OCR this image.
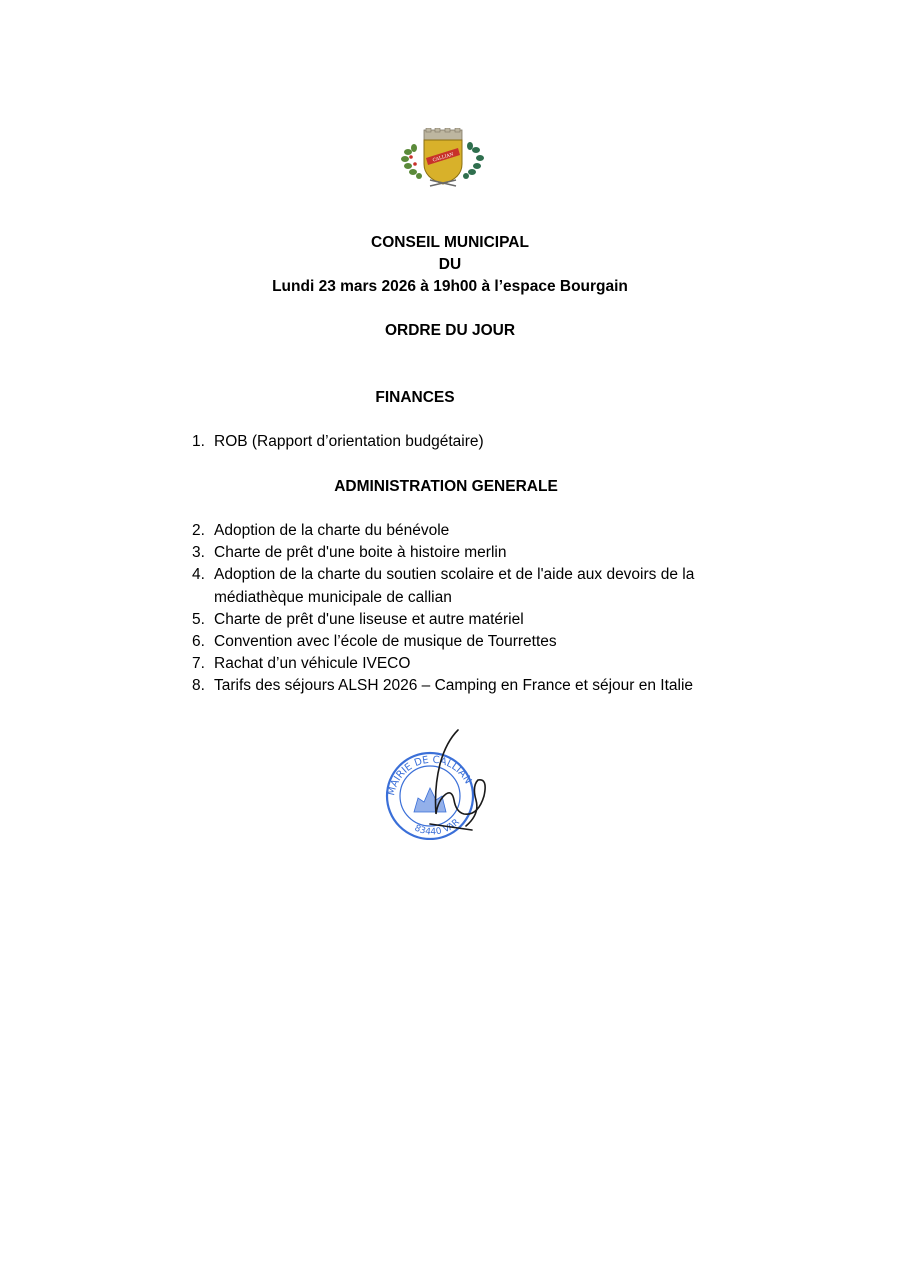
CALLIAN
CONSEIL MUNICIPAL
DU
Lundi 23 mars 2026 à 19h00 à l’espace Bourgain
ORDRE DU JOUR
FINANCES
1. ROB (Rapport d’orientation budgétaire)
ADMINISTRATION GENERALE
2. Adoption de la charte du bénévole
3. Charte de prêt d'une boite à histoire merlin
4. Adoption de la charte du soutien scolaire et de l'aide aux devoirs de la médiathèque municipale de callian
5. Charte de prêt d'une liseuse et autre matériel
6. Convention avec l’école de musique de Tourrettes
7. Rachat d’un véhicule IVECO
8. Tarifs des séjours ALSH 2026 – Camping en France et séjour en Italie
MAIRIE DE CALLIAN
83440 VAR
